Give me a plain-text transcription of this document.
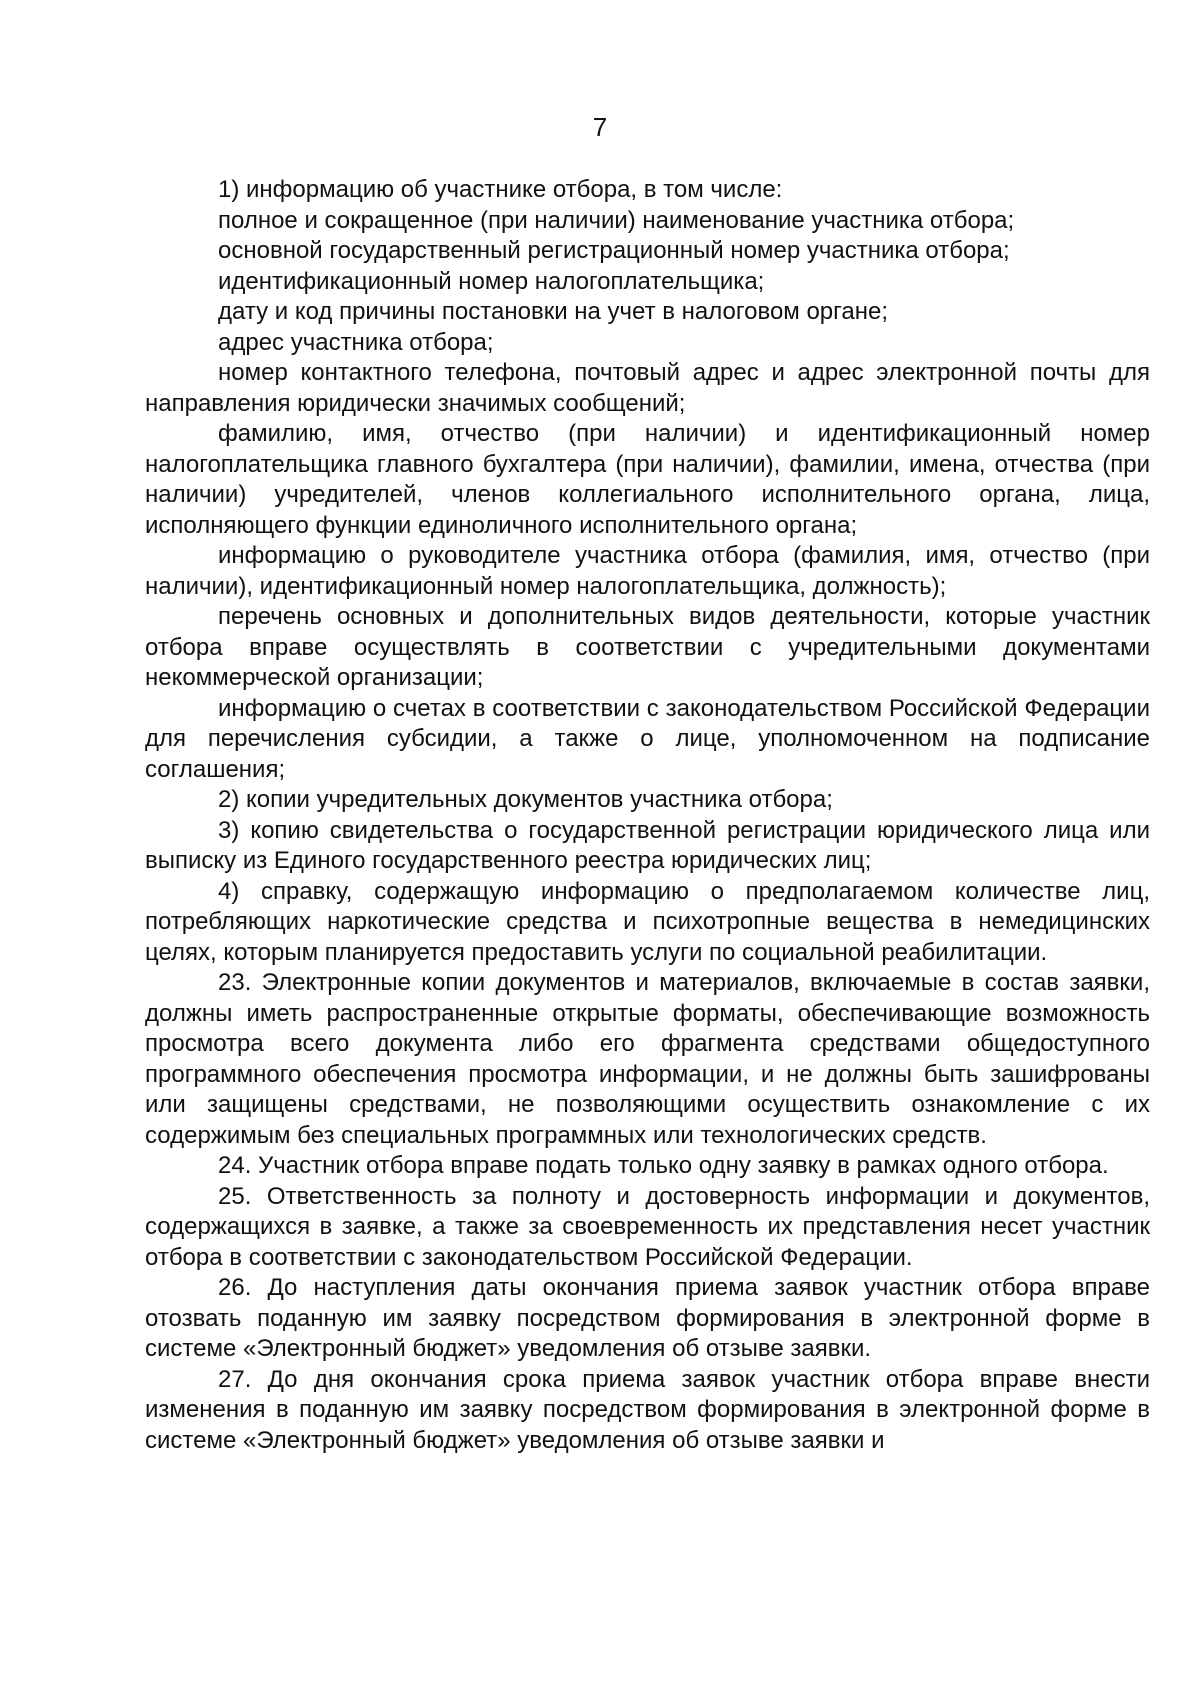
7

1) информацию об участнике отбора, в том числе:

полное и сокращенное (при наличии) наименование участника отбора;

основной государственный регистрационный номер участника отбора;

идентификационный номер налогоплательщика;

дату и код причины постановки на учет в налоговом органе;

адрес участника отбора;

номер контактного телефона, почтовый адрес и адрес электронной почты для направления юридически значимых сообщений;

фамилию, имя, отчество (при наличии) и идентификационный номер налогоплательщика главного бухгалтера (при наличии), фамилии, имена, отчества (при наличии) учредителей, членов коллегиального исполнительного органа, лица, исполняющего функции единоличного исполнительного органа;

информацию о руководителе участника отбора (фамилия, имя, отчество (при наличии), идентификационный номер налогоплательщика, должность);

перечень основных и дополнительных видов деятельности, которые участник отбора вправе осуществлять в соответствии с учредительными документами некоммерческой организации;

информацию о счетах в соответствии с законодательством Российской Федерации для перечисления субсидии, а также о лице, уполномоченном на подписание соглашения;

2) копии учредительных документов участника отбора;

3) копию свидетельства о государственной регистрации юридического лица или выписку из Единого государственного реестра юридических лиц;

4) справку, содержащую информацию о предполагаемом количестве лиц, потребляющих наркотические средства и психотропные вещества в немедицинских целях, которым планируется предоставить услуги по социальной реабилитации.

23. Электронные копии документов и материалов, включаемые в состав заявки, должны иметь распространенные открытые форматы, обеспечивающие возможность просмотра всего документа либо его фрагмента средствами общедоступного программного обеспечения просмотра информации, и не должны быть зашифрованы или защищены средствами, не позволяющими осуществить ознакомление с их содержимым без специальных программных или технологических средств.

24. Участник отбора вправе подать только одну заявку в рамках одного отбора.

25. Ответственность за полноту и достоверность информации и документов, содержащихся в заявке, а также за своевременность их представления несет участник отбора в соответствии с законодательством Российской Федерации.

26. До наступления даты окончания приема заявок участник отбора вправе отозвать поданную им заявку посредством формирования в электронной форме в системе «Электронный бюджет» уведомления об отзыве заявки.

27. До дня окончания срока приема заявок участник отбора вправе внести изменения в поданную им заявку посредством формирования в электронной форме в системе «Электронный бюджет» уведомления об отзыве заявки и
